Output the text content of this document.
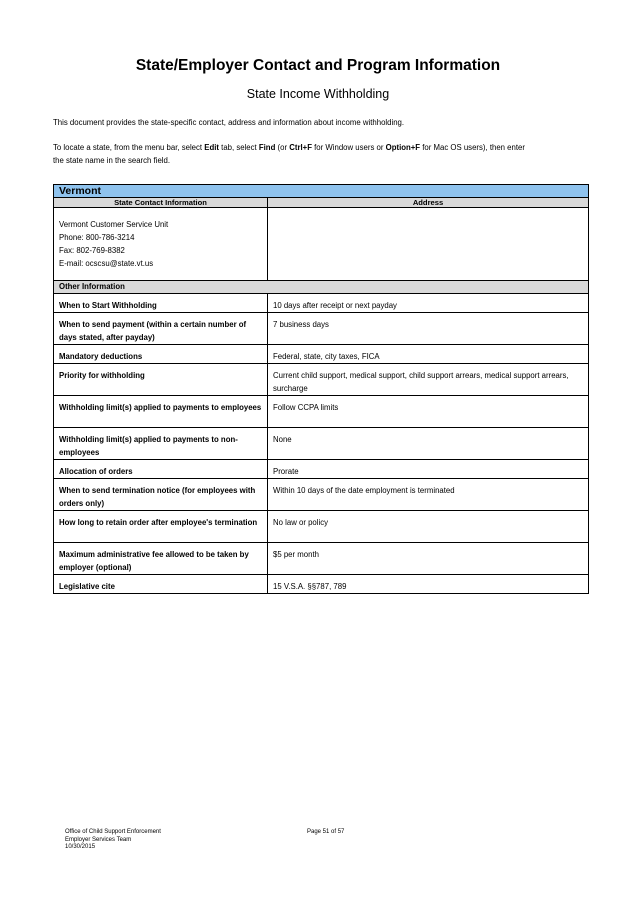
State/Employer Contact and Program Information
State Income Withholding
This document provides the state-specific contact, address and information about income withholding.
To locate a state, from the menu bar, select Edit tab, select Find (or Ctrl+F for Window users or Option+F for Mac OS users), then enter
the state name in the search field.
Vermont	
State Contact Information	Address

Vermont Customer Service Unit
Phone: 800-786-3214
Fax: 802-769-8382
E-mail: ocscsu@state.vt.us	

Other Information	
When to Start Withholding	10 days after receipt or next payday
When to send payment (within a certain number of days stated, after payday)	7 business days
Mandatory deductions	Federal, state, city taxes, FICA
Priority for withholding	Current child support, medical support, child support arrears, medical support arrears, surcharge
Withholding limit(s) applied to payments to employees	Follow CCPA limits
Withholding limit(s) applied to payments to non-employees	None
Allocation of orders	Prorate
When to send termination notice (for employees with orders only)	Within 10 days of the date employment is terminated
How long to retain order after employee's termination	No law or policy
Maximum administrative fee allowed to be taken by employer (optional)	$5 per month
Legislative cite	15 V.S.A. §§787, 789
Office of Child Support Enforcement
Employer Services Team
10/30/2015
Page 51 of 57
